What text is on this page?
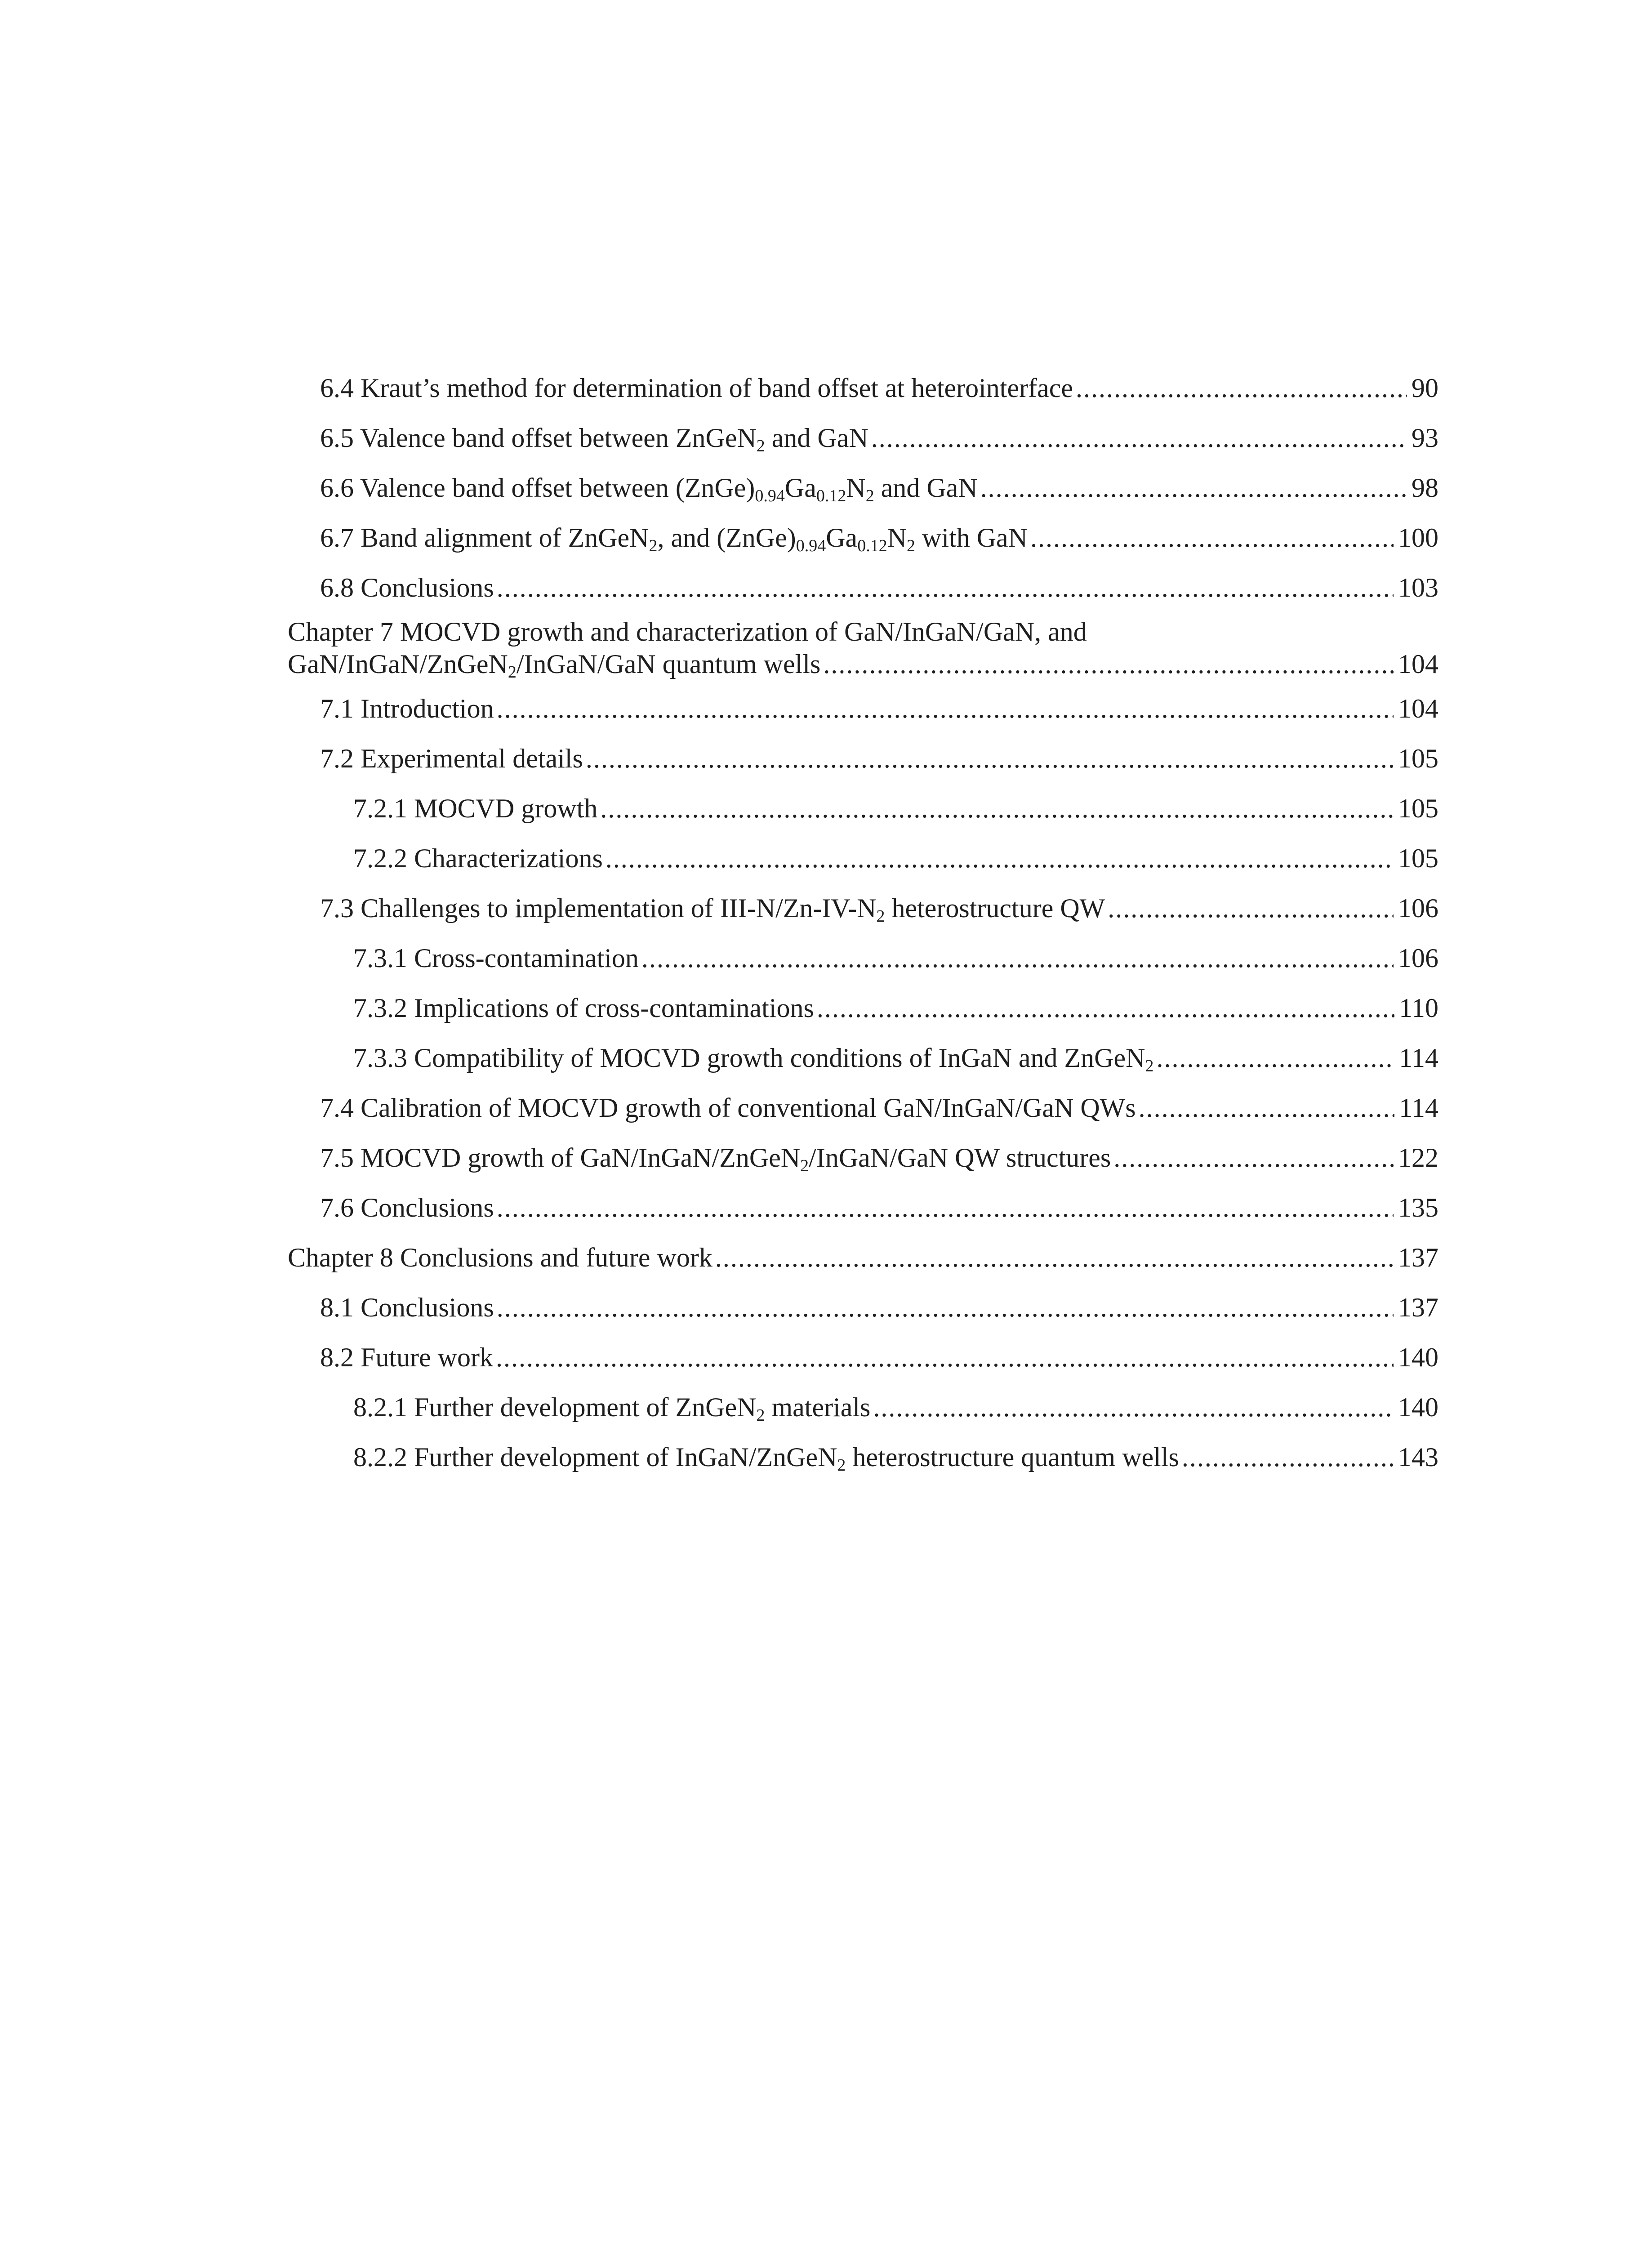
6.4 Kraut’s method for determination of band offset at heterointerface .....	90
6.5 Valence band offset between ZnGeN$_2$ and GaN .....	93
6.6 Valence band offset between $(ZnGe)_{0.94}Ga_{0.12}N_2$ and GaN .....	98
6.7 Band alignment of ZnGeN$_2$, and $(ZnGe)_{0.94}Ga_{0.12}N_2$ with GaN .....	100
6.8 Conclusions .....	103
Chapter 7 MOCVD growth and characterization of GaN/InGaN/GaN, and
GaN/InGaN/ZnGeN$_2$/InGaN/GaN quantum wells .....	104
7.1 Introduction .....	104
7.2 Experimental details .....	105
7.2.1 MOCVD growth .....	105
7.2.2 Characterizations .....	105
7.3 Challenges to implementation of III-$N/Zn-IV-N_2$ heterostructure QW .....	106
7.3.1 Cross-contamination .....	106
7.3.2 Implications of cross-contaminations .....	110
7.3.3 Compatibility of MOCVD growth conditions of InGaN and ZnGeN$_2$ .....	114
7.4 Calibration of MOCVD growth of conventional GaN/InGaN/GaN QWs .....	114
7.5 MOCVD growth of GaN/InGaN/ZnGeN$_2$/InGaN/GaN QW structures .....	122
7.6 Conclusions .....	135
Chapter 8 Conclusions and future work .....	137
8.1 Conclusions .....	137
8.2 Future work .....	140
8.2.1 Further development of ZnGeN$_2$ materials .....	140
8.2.2 Further development of InGaN/ZnGeN$_2$ heterostructure quantum wells .....	143
